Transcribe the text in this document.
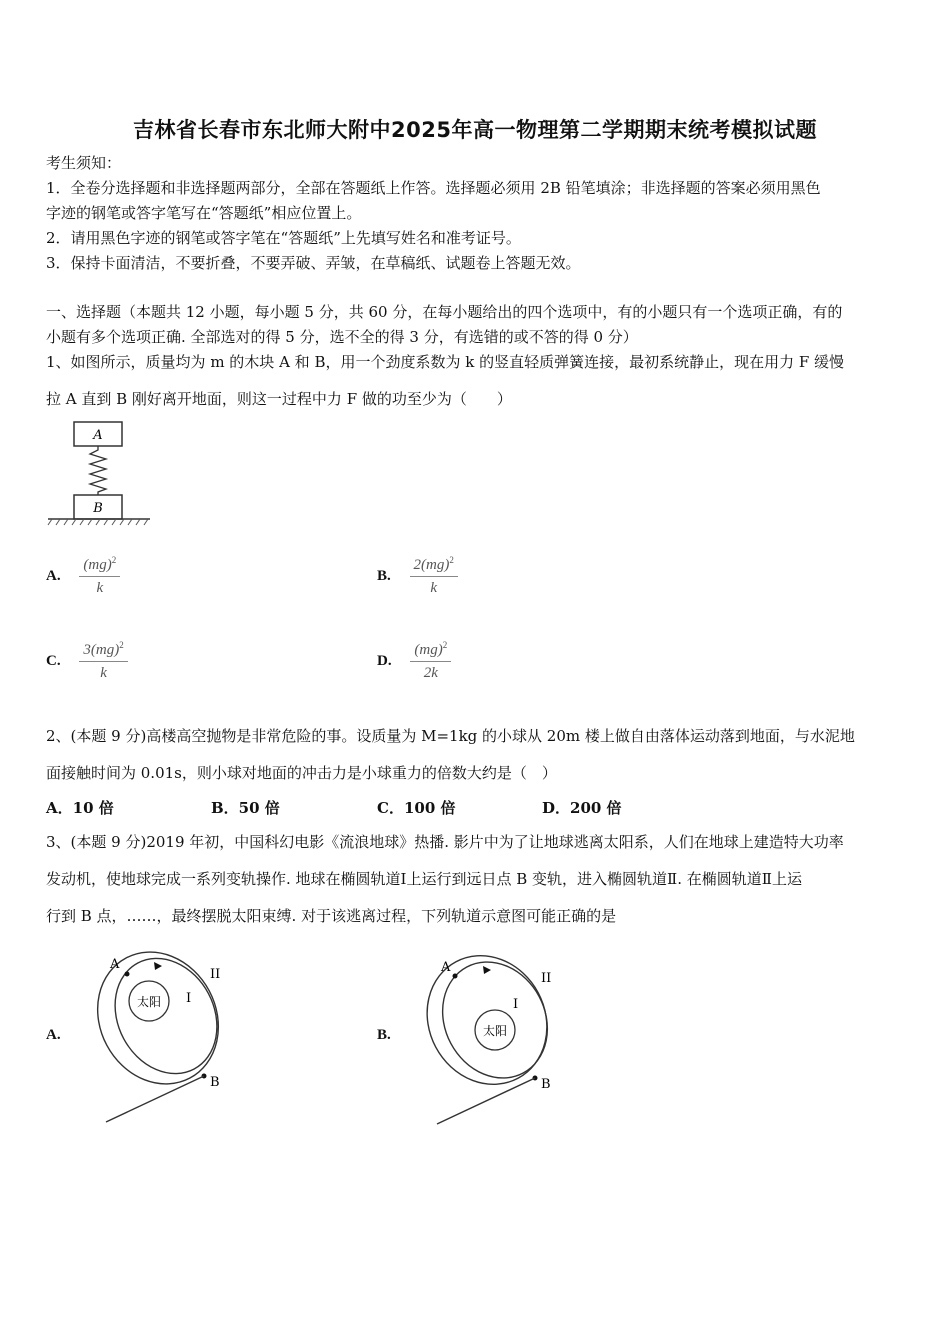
吉林省长春市东北师大附中2025年高一物理第二学期期末统考模拟试题
考生须知：
1．全卷分选择题和非选择题两部分，全部在答题纸上作答。选择题必须用 2B 铅笔填涂；非选择题的答案必须用黑色
字迹的钢笔或答字笔写在“答题纸”相应位置上。
2．请用黑色字迹的钢笔或答字笔在“答题纸”上先填写姓名和准考证号。
3．保持卡面清洁，不要折叠，不要弄破、弄皱，在草稿纸、试题卷上答题无效。
一、选择题（本题共 12 小题，每小题 5 分，共 60 分，在每小题给出的四个选项中，有的小题只有一个选项正确，有的
小题有多个选项正确. 全部选对的得 5 分，选不全的得 3 分，有选错的或不答的得 0 分）
1、如图所示，质量均为 m 的木块 A 和 B，用一个劲度系数为 k 的竖直轻质弹簧连接，最初系统静止，现在用力 F 缓慢
拉 A 直到 B 刚好离开地面，则这一过程中力 F 做的功至少为（　　）
A
B
A. $\frac{(mg)^2}{k}$	B. $\frac{2(mg)^2}{k}$
C. $\frac{3(mg)^2}{k}$	D. $\frac{(mg)^2}{2k}$
2、(本题 9 分)高楼高空抛物是非常危险的事。设质量为 M=1kg 的小球从 20m 楼上做自由落体运动落到地面，与水泥地
面接触时间为 0.01s，则小球对地面的冲击力是小球重力的倍数大约是（　）
A．10 倍	B．50 倍	C．100 倍	D．200 倍
3、(本题 9 分)2019 年初，中国科幻电影《流浪地球》热播. 影片中为了让地球逃离太阳系，人们在地球上建造特大功率
发动机，使地球完成一系列变轨操作. 地球在椭圆轨道Ⅰ上运行到远日点 B 变轨，进入椭圆轨道Ⅱ. 在椭圆轨道Ⅱ上运
行到 B 点，……，最终摆脱太阳束缚. 对于该逃离过程，下列轨道示意图可能正确的是
A.
太阳
A
B
I
II
B.	太阳
A
B
I
II
